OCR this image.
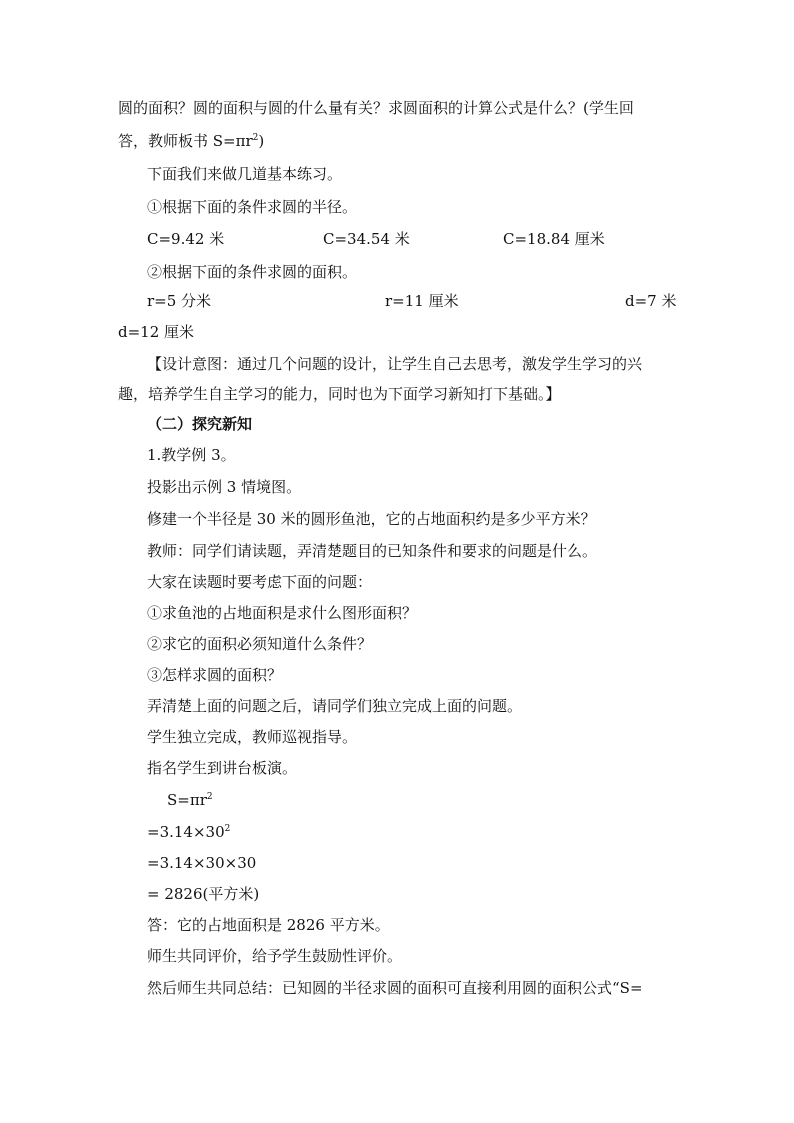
圆的面积？圆的面积与圆的什么量有关？求圆面积的计算公式是什么？(学生回
答，教师板书 $S=\pi r^2$)
下面我们来做几道基本练习。
①根据下面的条件求圆的半径。
C=9.42 米	C=34.54 米	C=18.84 厘米
②根据下面的条件求圆的面积。
r=5 分米	r=11 厘米	d=7 米
d=12 厘米
【设计意图：通过几个问题的设计，让学生自己去思考，激发学生学习的兴
趣，培养学生自主学习的能力，同时也为下面学习新知打下基础。】
（二）探究新知
1.教学例 3。
投影出示例 3 情境图。
修建一个半径是 30 米的圆形鱼池，它的占地面积约是多少平方米？
教师：同学们请读题，弄清楚题目的已知条件和要求的问题是什么。
大家在读题时要考虑下面的问题：
①求鱼池的占地面积是求什么图形面积？
②求它的面积必须知道什么条件？
③怎样求圆的面积？
弄清楚上面的问题之后，请同学们独立完成上面的问题。
学生独立完成，教师巡视指导。
指名学生到讲台板演。
$S=\pi r^2$
$=3.14\times 30^2$
=3.14×30×30
= 2826(平方米)
答：它的占地面积是 2826 平方米。
师生共同评价，给予学生鼓励性评价。
然后师生共同总结：已知圆的半径求圆的面积可直接利用圆的面积公式“S=
